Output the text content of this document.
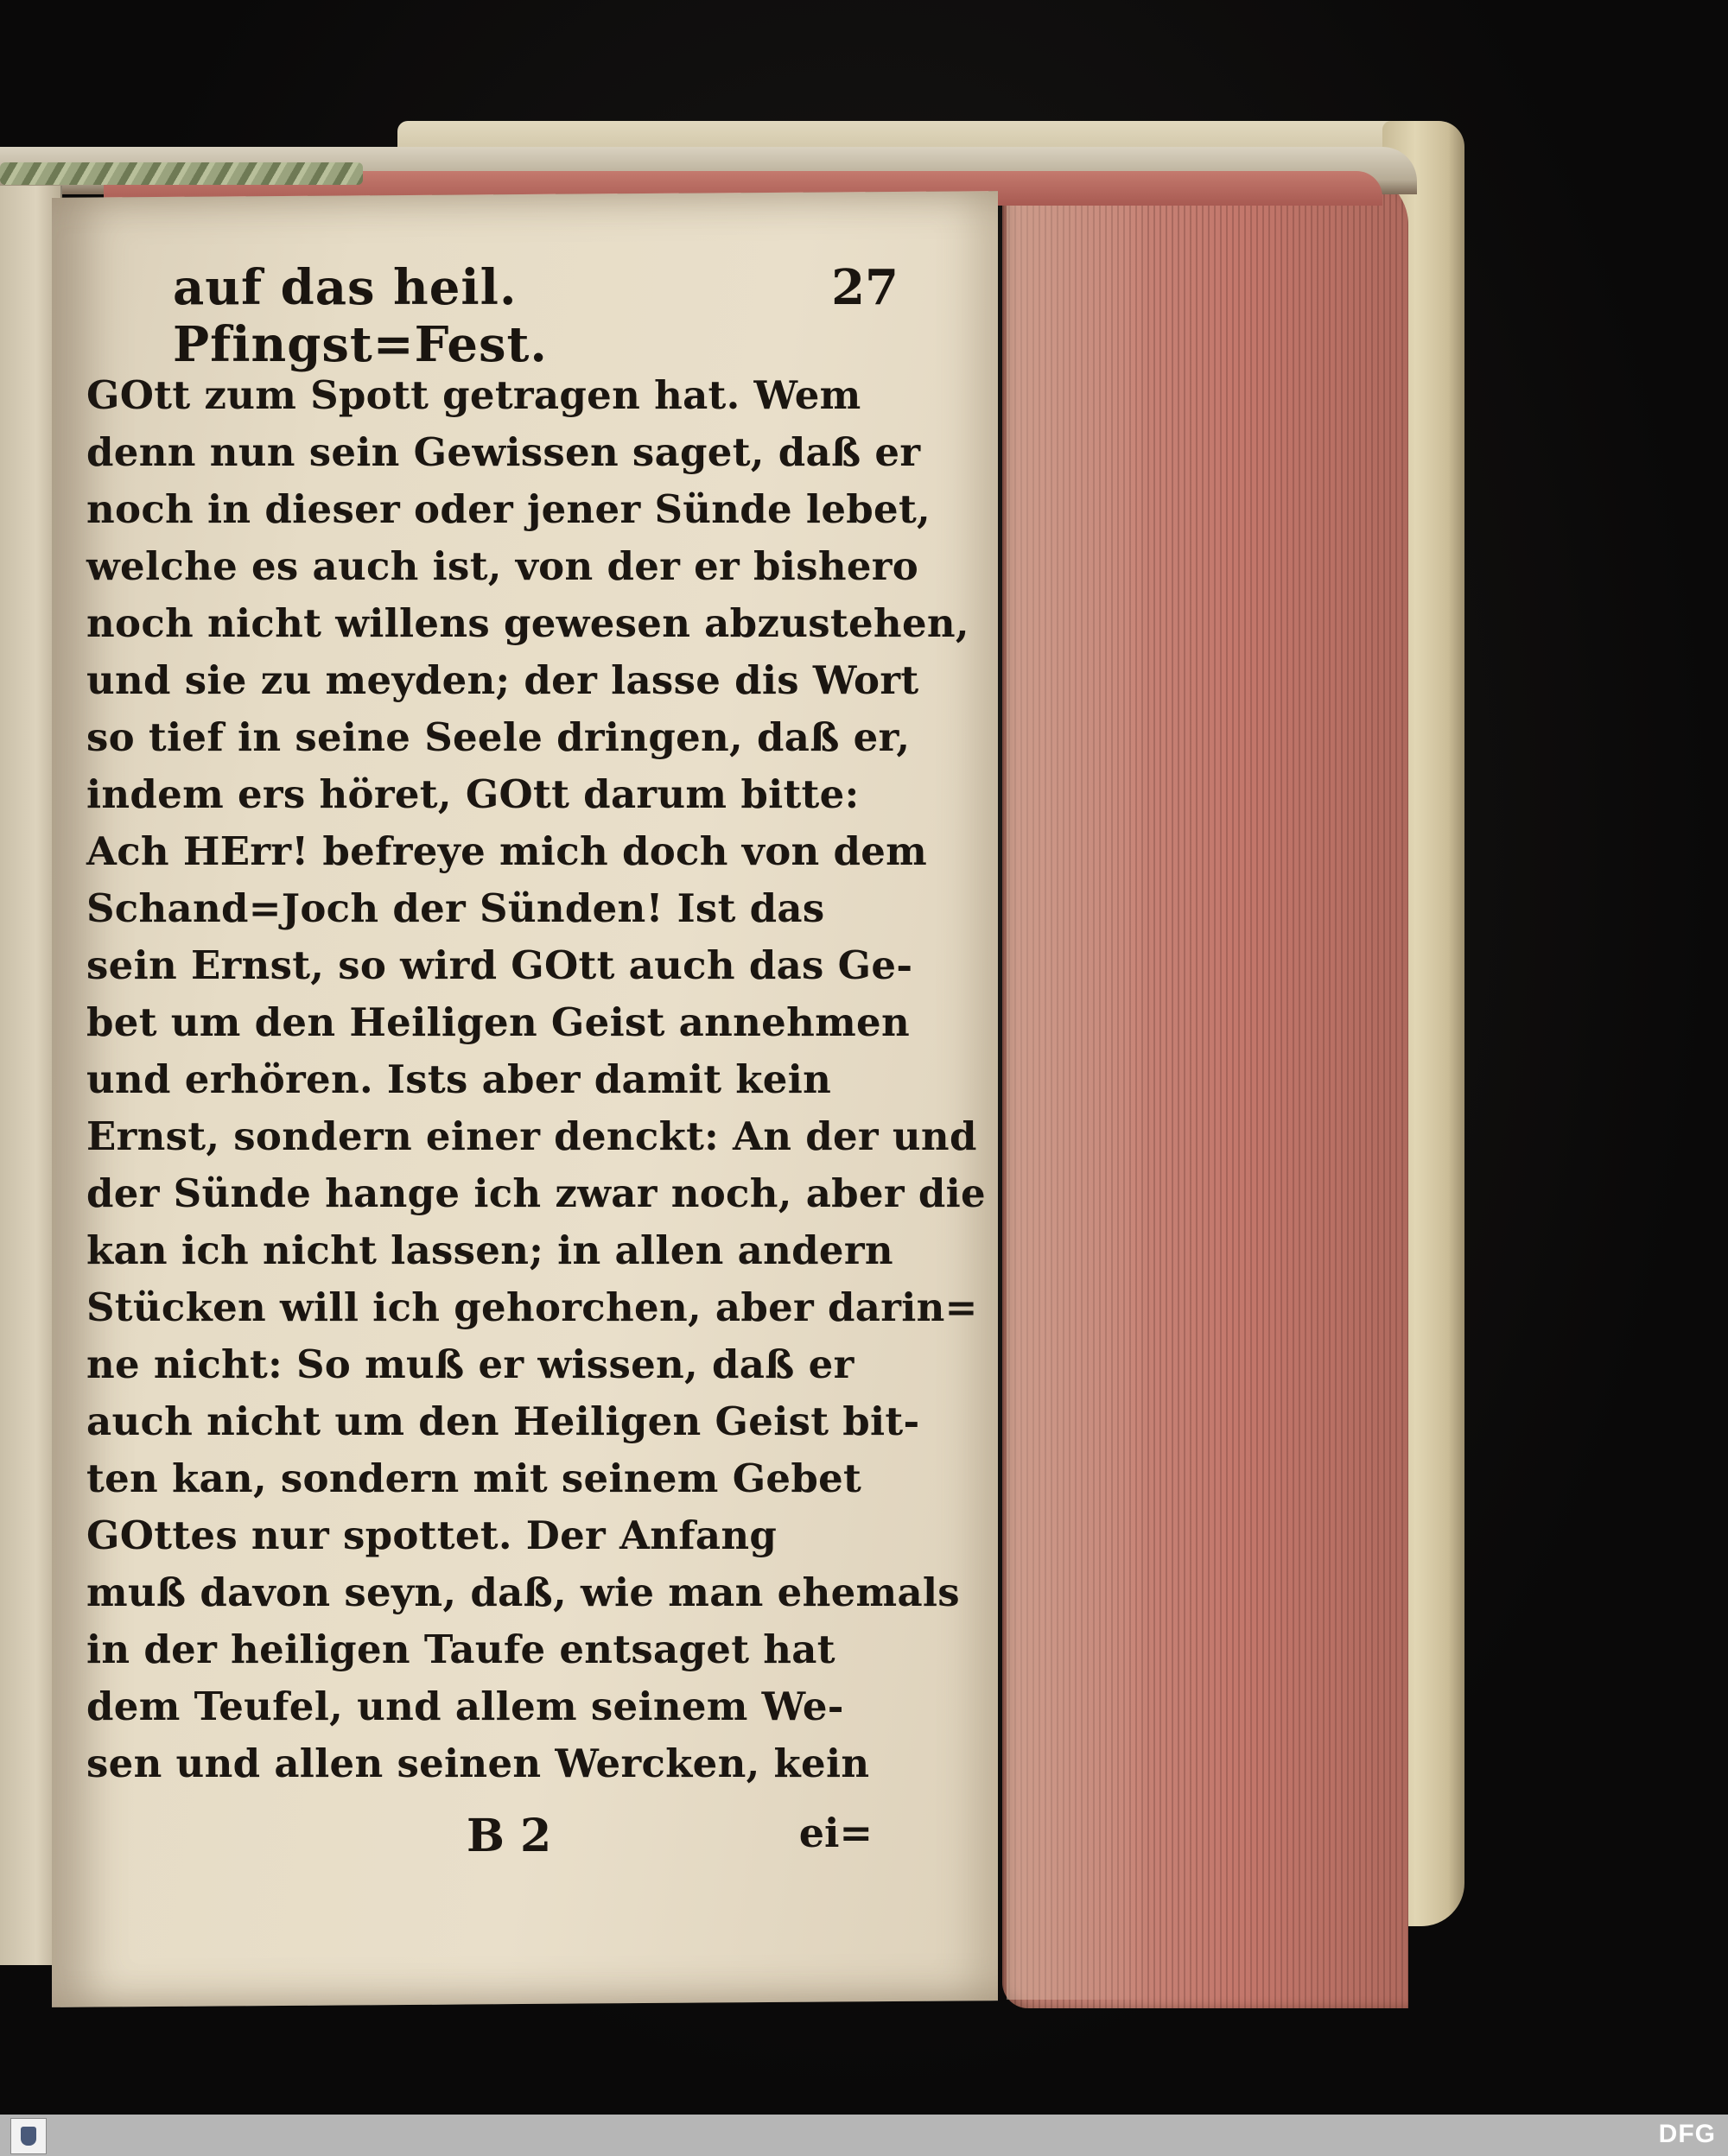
auf das heil. Pfingst=Fest.
27
GOtt zum Spott getragen hat. Wem
denn nun sein Gewissen saget, daß er
noch in dieser oder jener Sünde lebet,
welche es auch ist, von der er bishero
noch nicht willens gewesen abzustehen,
und sie zu meyden; der lasse dis Wort
so tief in seine Seele dringen, daß er,
indem ers höret, GOtt darum bitte:
Ach HErr! befreye mich doch von dem
Schand=Joch der Sünden! Ist das
sein Ernst, so wird GOtt auch das Ge-
bet um den Heiligen Geist annehmen
und erhören. Ists aber damit kein
Ernst, sondern einer denckt: An der und
der Sünde hange ich zwar noch, aber die
kan ich nicht lassen; in allen andern
Stücken will ich gehorchen, aber darin=
ne nicht: So muß er wissen, daß er
auch nicht um den Heiligen Geist bit-
ten kan, sondern mit seinem Gebet
GOttes nur spottet. Der Anfang
muß davon seyn, daß, wie man ehemals
in der heiligen Taufe entsaget hat
dem Teufel, und allem seinem We-
sen und allen seinen Wercken, kein
B 2	ei=
DFG
